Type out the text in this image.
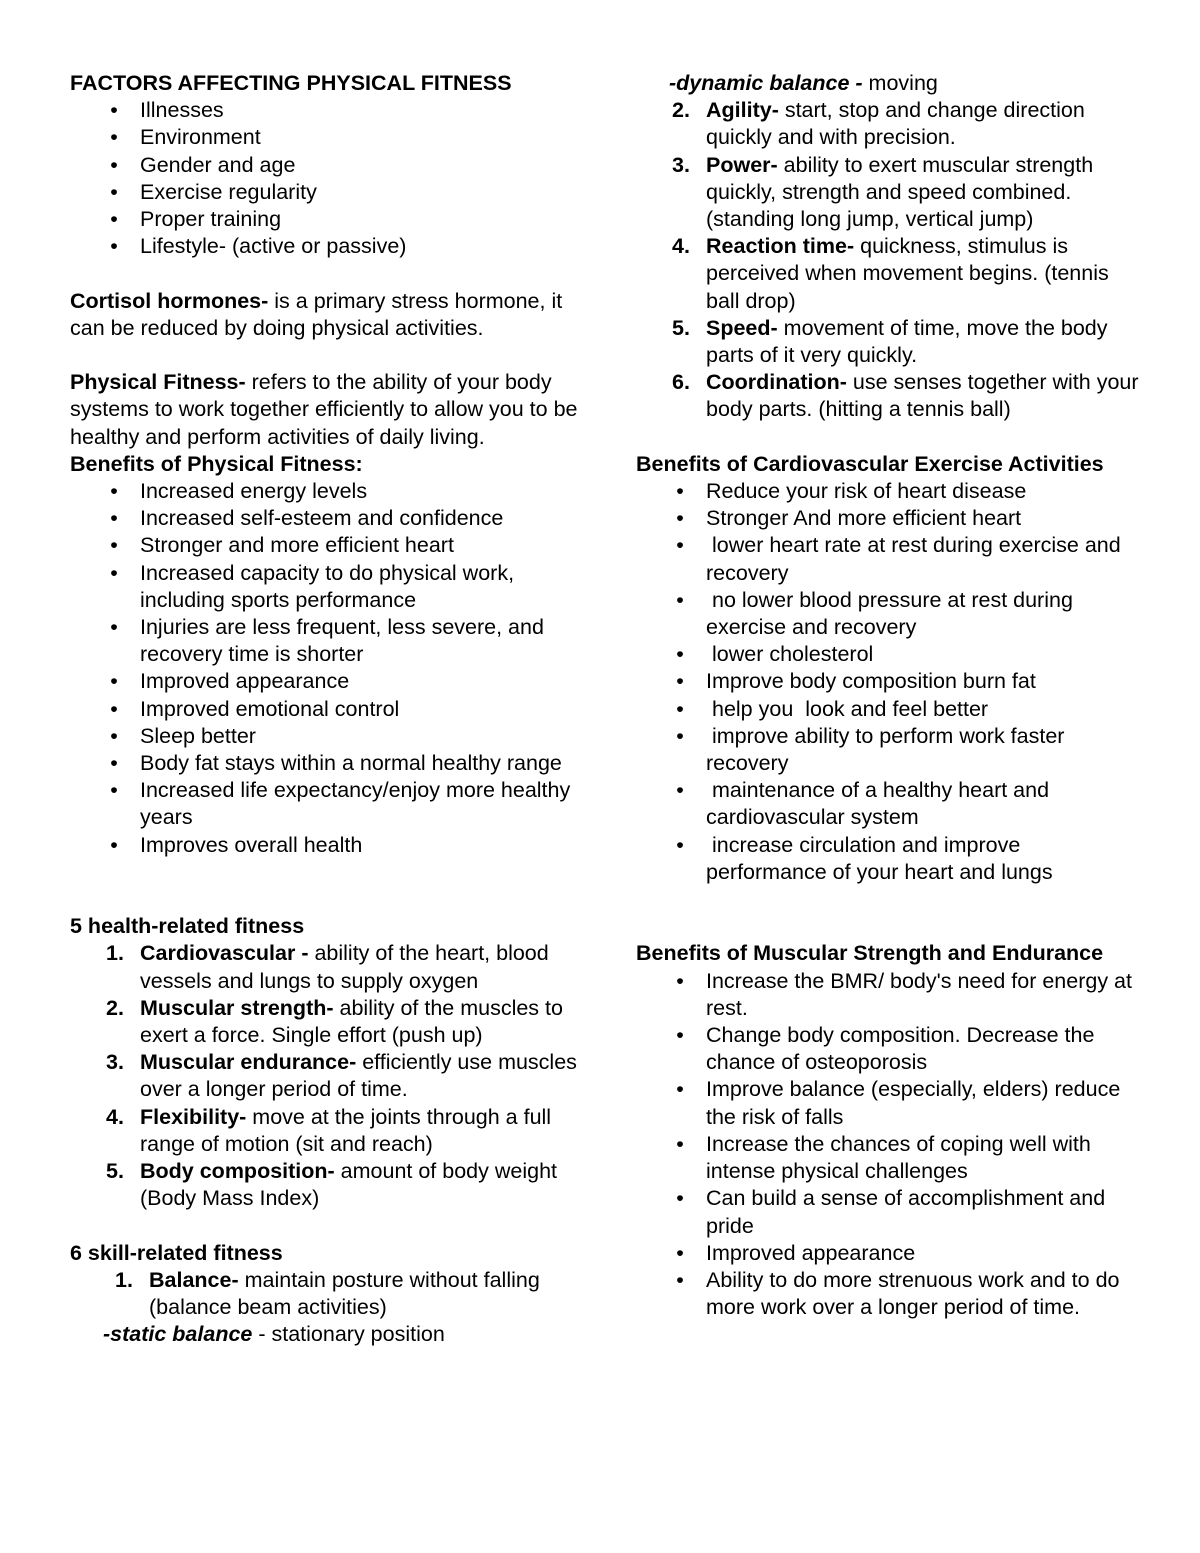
FACTORS AFFECTING PHYSICAL FITNESS
• Illnesses
• Environment
• Gender and age
• Exercise regularity
• Proper training
• Lifestyle- (active or passive)

Cortisol hormones- is a primary stress hormone, it can be reduced by doing physical activities.

Physical Fitness- refers to the ability of your body systems to work together efficiently to allow you to be healthy and perform activities of daily living.

Benefits of Physical Fitness:
• Increased energy levels
• Increased self-esteem and confidence
• Stronger and more efficient heart
• Increased capacity to do physical work, including sports performance
• Injuries are less frequent, less severe, and recovery time is shorter
• Improved appearance
• Improved emotional control
• Sleep better
• Body fat stays within a normal healthy range
• Increased life expectancy/enjoy more healthy years
• Improves overall health
5 health-related fitness
1. Cardiovascular - ability of the heart, blood vessels and lungs to supply oxygen
2. Muscular strength- ability of the muscles to exert a force. Single effort (push up)
3. Muscular endurance- efficiently use muscles over a longer period of time.
4. Flexibility- move at the joints through a full range of motion (sit and reach)
5. Body composition- amount of body weight (Body Mass Index)
6 skill-related fitness
1. Balance- maintain posture without falling (balance beam activities)
-static balance - stationary position
-dynamic balance - moving
2. Agility- start, stop and change direction quickly and with precision.
3. Power- ability to exert muscular strength quickly, strength and speed combined. (standing long jump, vertical jump)
4. Reaction time- quickness, stimulus is perceived when movement begins. (tennis ball drop)
5. Speed- movement of time, move the body parts of it very quickly.
6. Coordination- use senses together with your body parts. (hitting a tennis ball)
Benefits of Cardiovascular Exercise Activities
• Reduce your risk of heart disease
• Stronger And more efficient heart
• lower heart rate at rest during exercise and recovery
• no lower blood pressure at rest during exercise and recovery
• lower cholesterol
• Improve body composition burn fat
• help you  look and feel better
• improve ability to perform work faster recovery
• maintenance of a healthy heart and cardiovascular system
• increase circulation and improve performance of your heart and lungs
Benefits of Muscular Strength and Endurance
• Increase the BMR/ body's need for energy at rest.
• Change body composition. Decrease the chance of osteoporosis
• Improve balance (especially, elders) reduce the risk of falls
• Increase the chances of coping well with intense physical challenges
• Can build a sense of accomplishment and pride
• Improved appearance
• Ability to do more strenuous work and to do more work over a longer period of time.
